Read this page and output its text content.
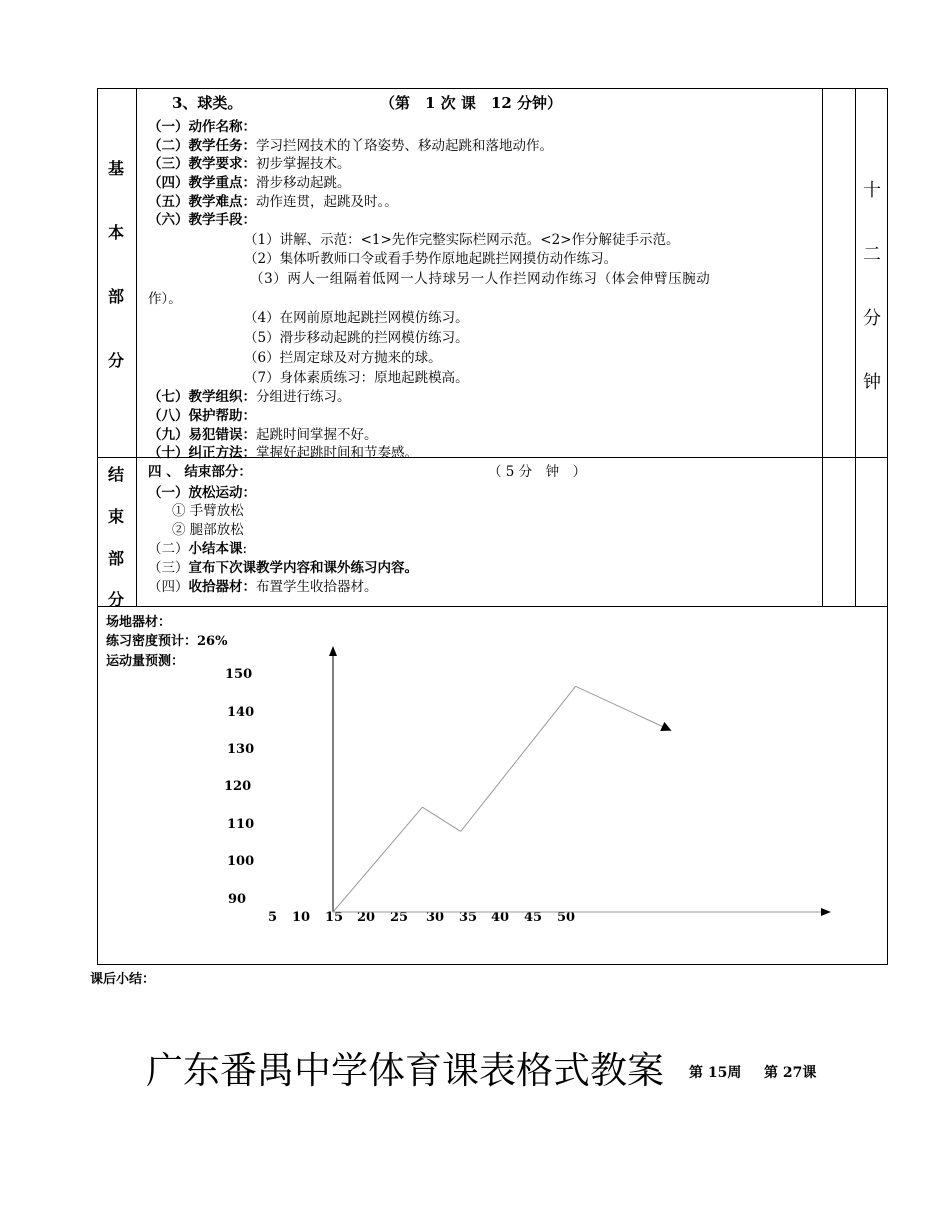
基
本
部
分
十
二
分
钟
3、球类。	（第　1 次 课　12 分钟）
（一）动作名称：
（二）教学任务：学习拦网技术的丫珞姿势、移动起跳和落地动作。
（三）教学要求：初步掌握技术。
（四）教学重点：滑步移动起跳。
（五）教学难点：动作连贯，起跳及时。。
（六）教学手段：
（1）讲解、示范：<1>先作完整实际栏网示范。<2>作分解徒手示范。
（2）集体听教师口令或看手势作原地起跳拦网摸仿动作练习。
（3）两人一组隔着低网一人持球另一人作拦网动作练习（体会伸臂压腕动
作）。
（4）在网前原地起跳拦网模仿练习。
（5）滑步移动起跳的拦网模仿练习。
（6）拦周定球及对方抛来的球。
（7）身体素质练习：原地起跳模高。
（七）教学组织：分组进行练习。
（八）保护帮助：
（九）易犯错误：起跳时间掌握不好。
（十）纠正方法：掌握好起跳时间和节奏感。
结
束
部
分
四 、 结束部分：	（ 5 分　钟　）
（一）放松运动：
① 手臂放松
② 腿部放松
（二）小结本课:
（三）宣布下次课教学内容和课外练习内容。
（四）收拾器材：布置学生收拾器材。
场地器材：
练习密度预计：26%
运动量预测：
150
140
130
120
110
100
90
5 10 15 20 25 30 35 40 45 50
课后小结：
广东番禺中学体育课表格式教案 第 15周 第 27课
